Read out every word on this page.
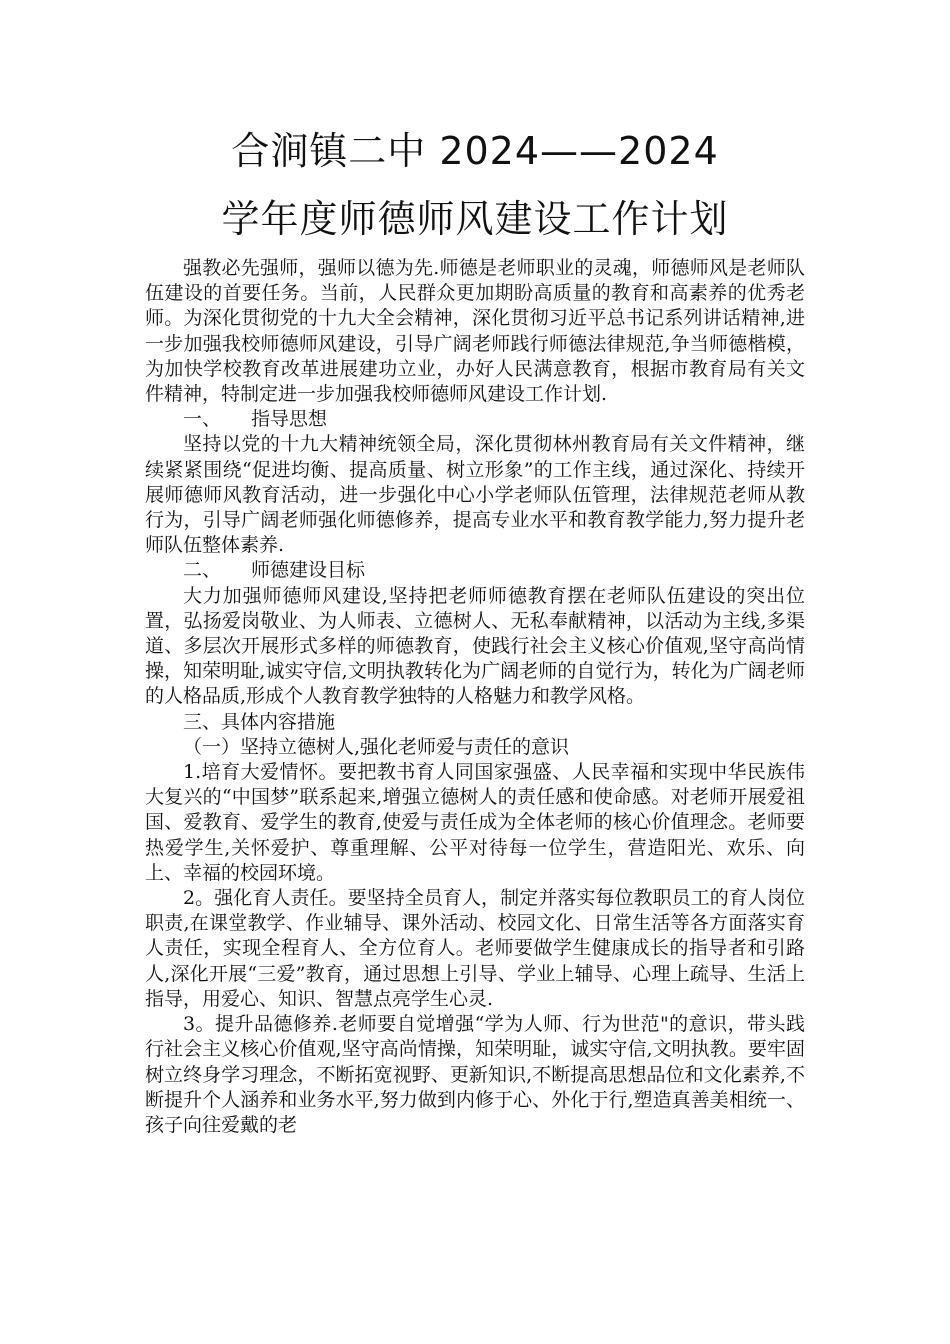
合涧镇二中 2024——2024
学年度师德师风建设工作计划

强教必先强师，强师以德为先.师德是老师职业的灵魂，师德师风是老师队伍建设的首要任务。当前，人民群众更加期盼高质量的教育和高素养的优秀老师。为深化贯彻党的十九大全会精神，深化贯彻习近平总书记系列讲话精神,进一步加强我校师德师风建设，引导广阔老师践行师德法律规范,争当师德楷模，为加快学校教育改革进展建功立业，办好人民满意教育，根据市教育局有关文件精神，特制定进一步加强我校师德师风建设工作计划.

一、 指导思想

坚持以党的十九大精神统领全局，深化贯彻林州教育局有关文件精神，继续紧紧围绕“促进均衡、提高质量、树立形象”的工作主线，通过深化、持续开展师德师风教育活动，进一步强化中心小学老师队伍管理，法律规范老师从教行为，引导广阔老师强化师德修养，提高专业水平和教育教学能力,努力提升老师队伍整体素养.

二、 师德建设目标

大力加强师德师风建设,坚持把老师师德教育摆在老师队伍建设的突出位置，弘扬爱岗敬业、为人师表、立德树人、无私奉献精神，以活动为主线,多渠道、多层次开展形式多样的师德教育，使践行社会主义核心价值观,坚守高尚情操，知荣明耻,诚实守信,文明执教转化为广阔老师的自觉行为，转化为广阔老师的人格品质,形成个人教育教学独特的人格魅力和教学风格。

三、具体内容措施

（一）坚持立德树人,强化老师爱与责任的意识

1.培育大爱情怀。要把教书育人同国家强盛、人民幸福和实现中华民族伟大复兴的“中国梦”联系起来,增强立德树人的责任感和使命感。对老师开展爱祖国、爱教育、爱学生的教育,使爱与责任成为全体老师的核心价值理念。老师要热爱学生,关怀爱护、尊重理解、公平对待每一位学生，营造阳光、欢乐、向上、幸福的校园环境。

2。强化育人责任。要坚持全员育人，制定并落实每位教职员工的育人岗位职责,在课堂教学、作业辅导、课外活动、校园文化、日常生活等各方面落实育人责任，实现全程育人、全方位育人。老师要做学生健康成长的指导者和引路人,深化开展“三爱”教育，通过思想上引导、学业上辅导、心理上疏导、生活上指导，用爱心、知识、智慧点亮学生心灵.

3。提升品德修养.老师要自觉增强“学为人师、行为世范"的意识，带头践行社会主义核心价值观,坚守高尚情操，知荣明耻，诚实守信,文明执教。要牢固树立终身学习理念，不断拓宽视野、更新知识,不断提高思想品位和文化素养,不断提升个人涵养和业务水平,努力做到内修于心、外化于行,塑造真善美相统一、孩子向往爱戴的老
